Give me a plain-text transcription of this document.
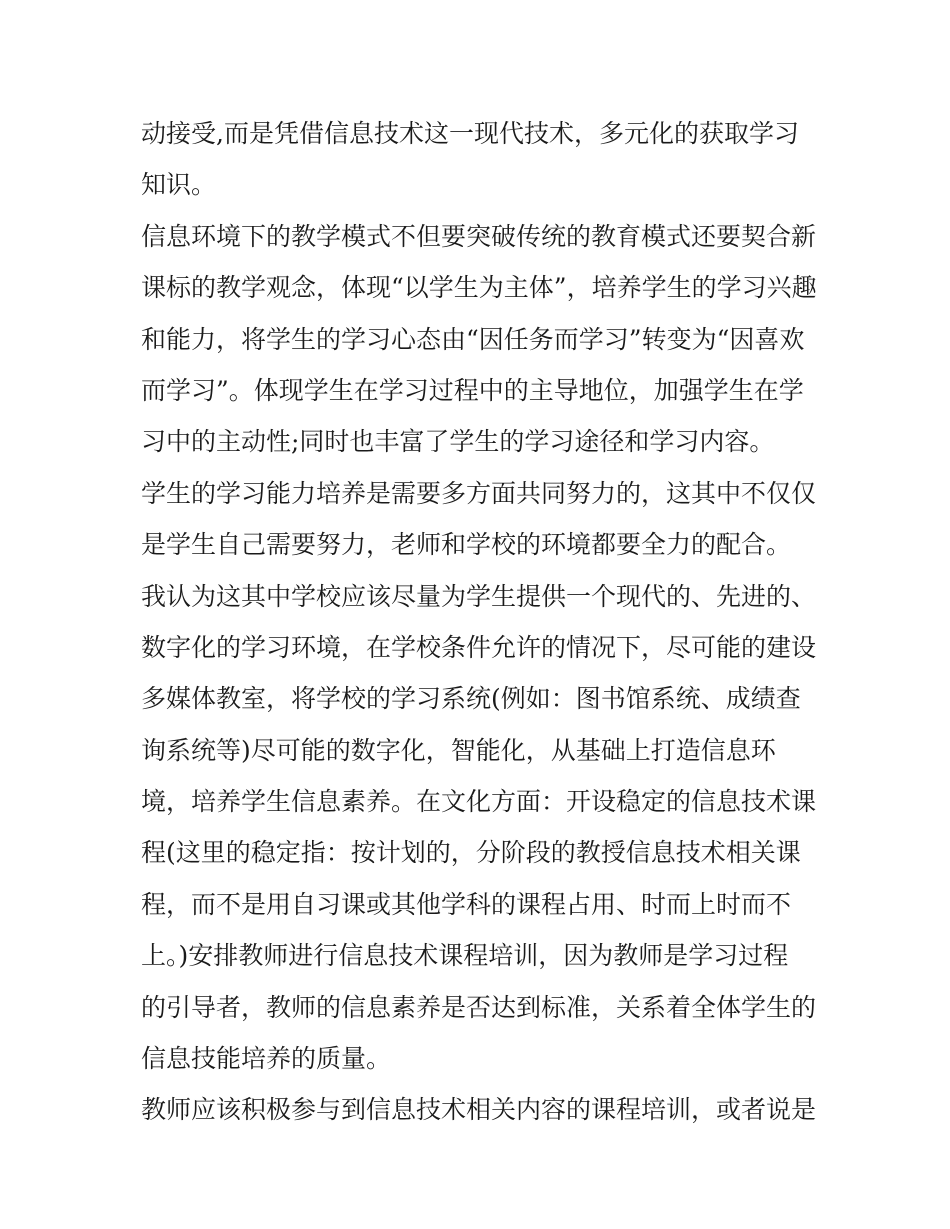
动接受,而是凭借信息技术这一现代技术，多元化的获取学习
知识。
信息环境下的教学模式不但要突破传统的教育模式还要契合新
课标的教学观念，体现“以学生为主体”，培养学生的学习兴趣
和能力，将学生的学习心态由“因任务而学习”转变为“因喜欢
而学习”。体现学生在学习过程中的主导地位，加强学生在学
习中的主动性;同时也丰富了学生的学习途径和学习内容。
学生的学习能力培养是需要多方面共同努力的，这其中不仅仅
是学生自己需要努力，老师和学校的环境都要全力的配合。
我认为这其中学校应该尽量为学生提供一个现代的、先进的、
数字化的学习环境，在学校条件允许的情况下，尽可能的建设
多媒体教室，将学校的学习系统(例如：图书馆系统、成绩查
询系统等)尽可能的数字化，智能化，从基础上打造信息环
境，培养学生信息素养。在文化方面：开设稳定的信息技术课
程(这里的稳定指：按计划的，分阶段的教授信息技术相关课
程，而不是用自习课或其他学科的课程占用、时而上时而不
上。)安排教师进行信息技术课程培训，因为教师是学习过程
的引导者，教师的信息素养是否达到标准，关系着全体学生的
信息技能培养的质量。
教师应该积极参与到信息技术相关内容的课程培训，或者说是
